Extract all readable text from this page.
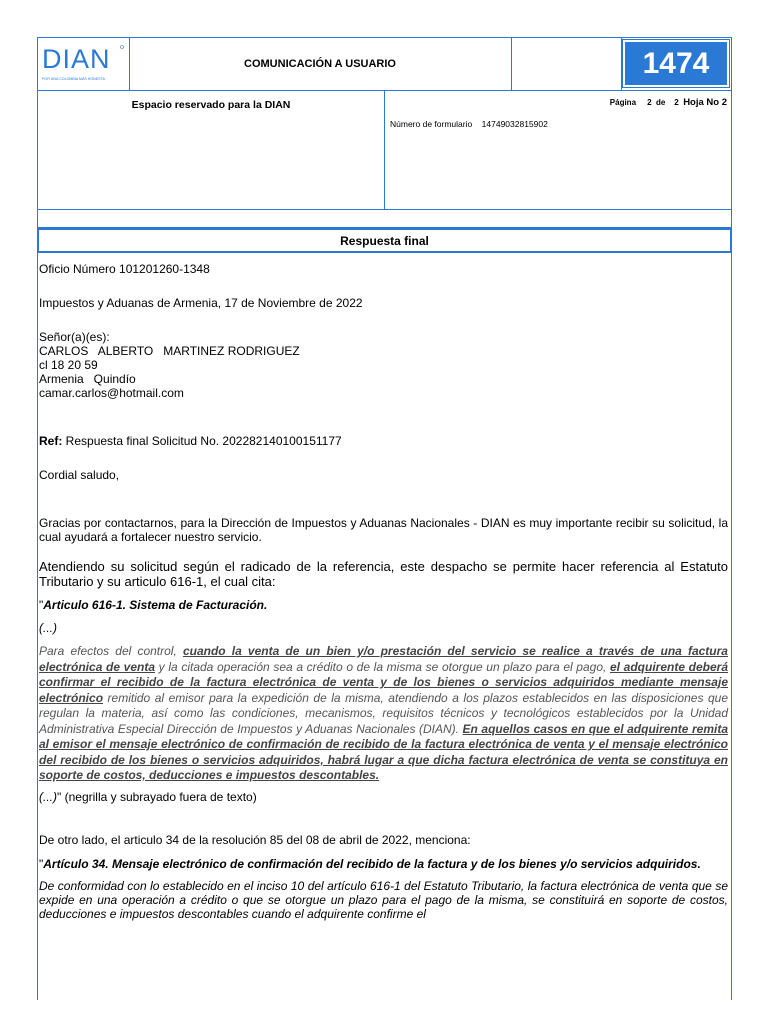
DIAN
POR UNA COLOMBIA MÁS HONESTA
COMUNICACIÓN A USUARIO	1474
Espacio reservado para la DIAN	Página 2 de 2 Hoja No 2
Número de formulario 14749032815902
Respuesta final

Oficio Número 101201260-1348

Impuestos y Aduanas de Armenia, 17 de Noviembre de 2022

Señor(a)(es):

CARLOS   ALBERTO   MARTINEZ RODRIGUEZ

cl 18 20 59

Armenia   Quindío

camar.carlos@hotmail.com

Ref: Respuesta final Solicitud No. 202282140100151177

Cordial saludo,

Gracias por contactarnos, para la Dirección de Impuestos y Aduanas Nacionales - DIAN es muy importante recibir su solicitud, la cual ayudará a fortalecer nuestro servicio.

Atendiendo su solicitud según el radicado de la referencia, este despacho se permite hacer referencia al Estatuto Tributario y su articulo 616-1, el cual cita:

"Articulo 616-1. Sistema de Facturación.

(...)

Para efectos del control, cuando la venta de un bien y/o prestación del servicio se realice a través de una factura electrónica de venta y la citada operación sea a crédito o de la misma se otorgue un plazo para el pago, el adquirente deberá confirmar el recibido de la factura electrónica de venta y de los bienes o servicios adquiridos mediante mensaje electrónico remitido al emisor para la expedición de la misma, atendiendo a los plazos establecidos en las disposiciones que regulan la materia, así como las condiciones, mecanismos, requisitos técnicos y tecnológicos establecidos por la Unidad Administrativa Especial Dirección de Impuestos y Aduanas Nacionales (DIAN). En aquellos casos en que el adquirente remita al emisor el mensaje electrónico de confirmación de recibido de la factura electrónica de venta y el mensaje electrónico del recibido de los bienes o servicios adquiridos, habrá lugar a que dicha factura electrónica de venta se constituya en soporte de costos, deducciones e impuestos descontables.

(...)" (negrilla y subrayado fuera de texto)

De otro lado, el articulo 34 de la resolución 85 del 08 de abril de 2022, menciona:

"Artículo 34. Mensaje electrónico de confirmación del recibido de la factura y de los bienes y/o servicios adquiridos.

De conformidad con lo establecido en el inciso 10 del artículo 616-1 del Estatuto Tributario, la factura electrónica de venta que se expide en una operación a crédito o que se otorgue un plazo para el pago de la misma, se constituirá en soporte de costos, deducciones e impuestos descontables cuando el adquirente confirme el
